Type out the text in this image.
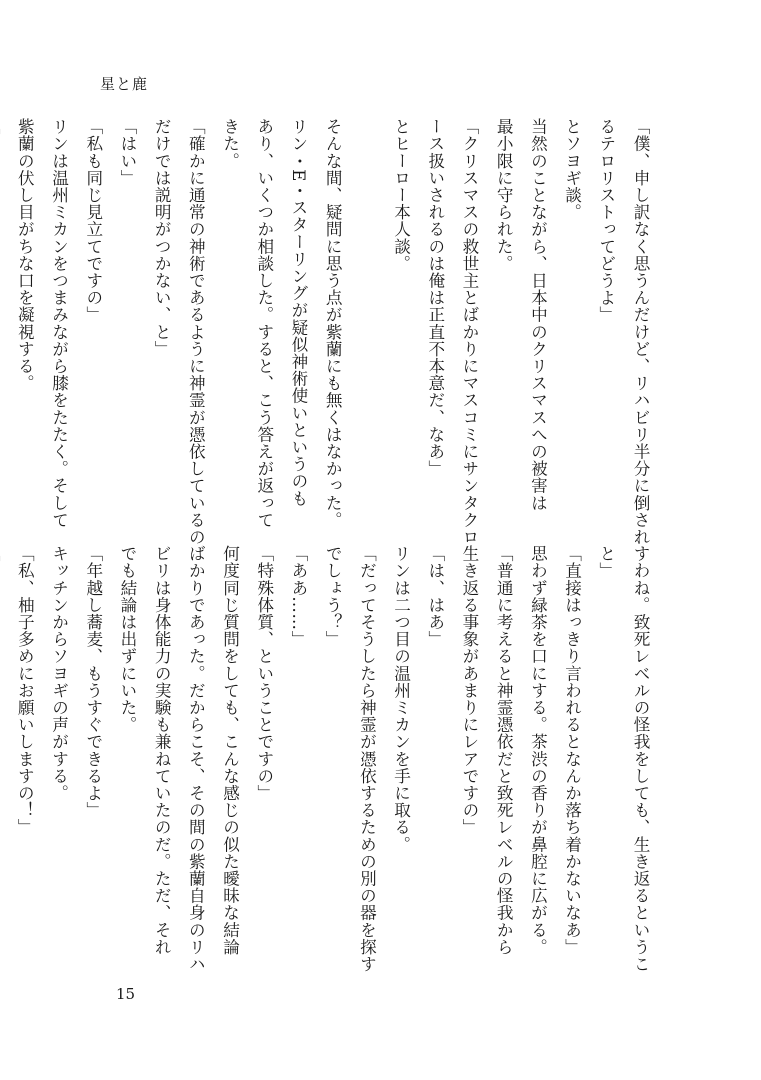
星と鹿
「僕、申し訳なく思うんだけど、リハビリ半分に倒され
るテロリストってどうよ」
とソヨギ談。
当然のことながら、日本中のクリスマスへの被害は
最小限に守られた。
「クリスマスの救世主とばかりにマスコミにサンタクロ
ース扱いされるのは俺は正直不本意だ、なあ」
とヒーロー本人談。

そんな間、疑問に思う点が紫蘭にも無くはなかった。
リン・E・スターリングが疑似神術使いというのも
あり、いくつか相談した。すると、こう答えが返って
きた。
「確かに通常の神術であるように神霊が憑依しているの
だけでは説明がつかない、と」
「はい」
「私も同じ見立てですの」
リンは温州ミカンをつまみながら膝をたたく。そして
紫蘭の伏し目がちな口を凝視する。
すわね。致死レベルの怪我をしても、生き返るというこ
と」
「直接はっきり言われるとなんか落ち着かないなあ」
思わず緑茶を口にする。茶渋の香りが鼻腔に広がる。
「普通に考えると神霊憑依だと致死レベルの怪我から
生き返る事象があまりにレアですの」
「は、はあ」
リンは二つ目の温州ミカンを手に取る。
「だってそうしたら神霊が憑依するための別の器を探す
でしょう？」
「ああ……」
「特殊体質、ということですの」
何度同じ質問をしても、こんな感じの似た曖昧な結論
ばかりであった。だからこそ、その間の紫蘭自身のリハ
ビリは身体能力の実験も兼ねていたのだ。ただ、それ
でも結論は出ずにいた。
「年越し蕎麦、もうすぐできるよ」
キッチンからソヨギの声がする。
「私、柚子多めにお願いしますの！」
15
